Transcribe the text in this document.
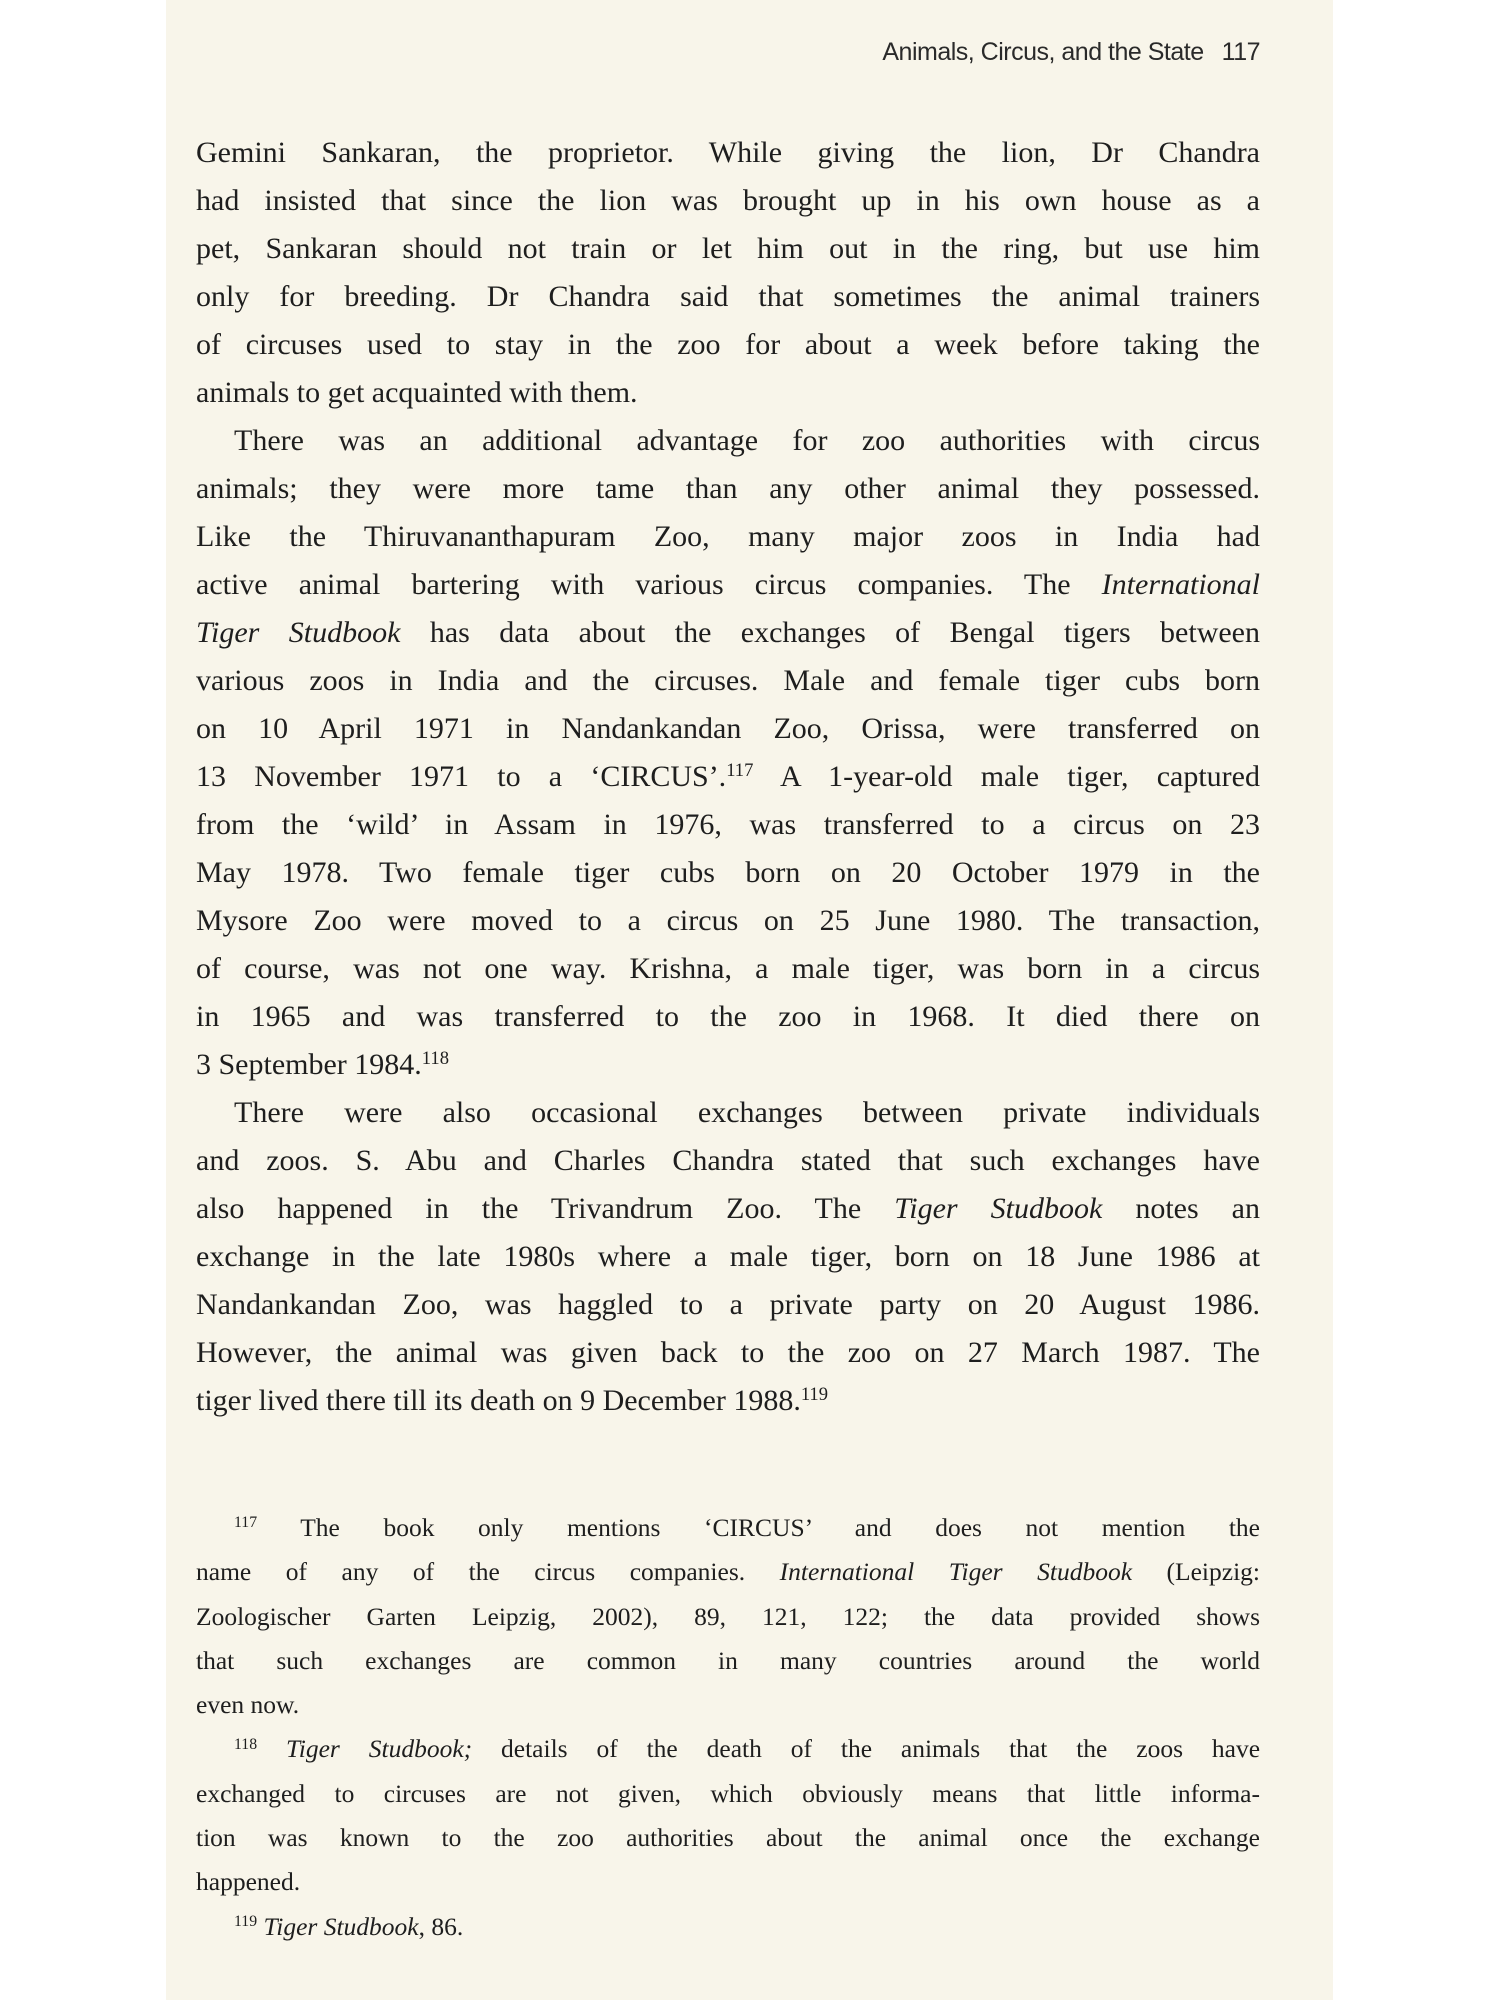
Animals, Circus, and the State 117
Gemini Sankaran, the proprietor. While giving the lion, Dr Chandra
had insisted that since the lion was brought up in his own house as a
pet, Sankaran should not train or let him out in the ring, but use him
only for breeding. Dr Chandra said that sometimes the animal trainers
of circuses used to stay in the zoo for about a week before taking the
animals to get acquainted with them.
There was an additional advantage for zoo authorities with circus
animals; they were more tame than any other animal they possessed.
Like the Thiruvananthapuram Zoo, many major zoos in India had
active animal bartering with various circus companies. The International
Tiger Studbook has data about the exchanges of Bengal tigers between
various zoos in India and the circuses. Male and female tiger cubs born
on 10 April 1971 in Nandankandan Zoo, Orissa, were transferred on
13 November 1971 to a ‘CIRCUS’.$^{117}$ A 1-year-old male tiger, captured
from the ‘wild’ in Assam in 1976, was transferred to a circus on 23
May 1978. Two female tiger cubs born on 20 October 1979 in the
Mysore Zoo were moved to a circus on 25 June 1980. The transaction,
of course, was not one way. Krishna, a male tiger, was born in a circus
in 1965 and was transferred to the zoo in 1968. It died there on
3 September 1984.$^{118}$
There were also occasional exchanges between private individuals
and zoos. S. Abu and Charles Chandra stated that such exchanges have
also happened in the Trivandrum Zoo. The Tiger Studbook notes an
exchange in the late 1980s where a male tiger, born on 18 June 1986 at
Nandankandan Zoo, was haggled to a private party on 20 August 1986.
However, the animal was given back to the zoo on 27 March 1987. The
tiger lived there till its death on 9 December 1988.$^{119}$
$^{117}$ The book only mentions ‘CIRCUS’ and does not mention the
name of any of the circus companies. International Tiger Studbook (Leipzig:
Zoologischer Garten Leipzig, 2002), 89, 121, 122; the data provided shows
that such exchanges are common in many countries around the world
even now.
$^{118}$ Tiger Studbook; details of the death of the animals that the zoos have
exchanged to circuses are not given, which obviously means that little informa-
tion was known to the zoo authorities about the animal once the exchange
happened.
$^{119}$ Tiger Studbook, 86.
